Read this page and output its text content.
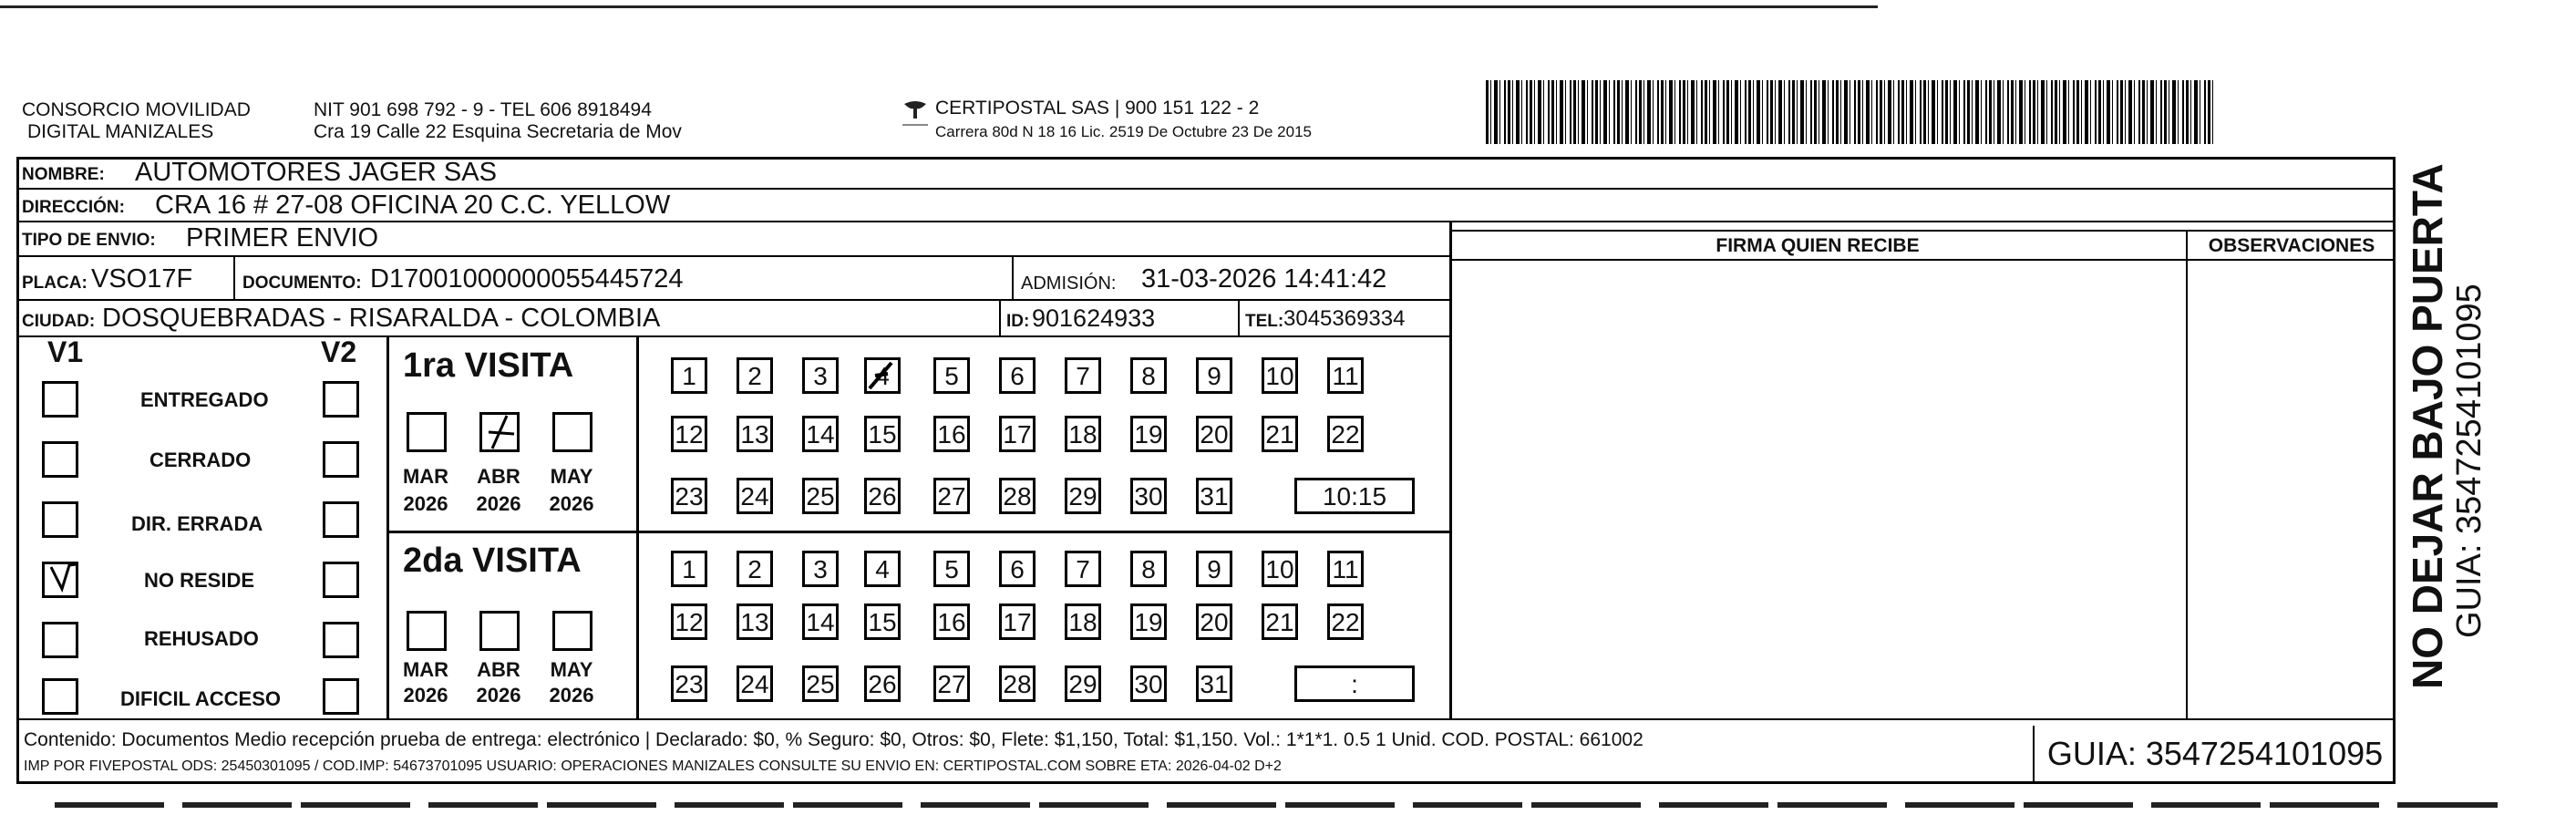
CONSORCIO MOVILIDAD
DIGITAL MANIZALES
NIT 901 698 792 - 9 - TEL 606 8918494
Cra 19 Calle 22 Esquina Secretaria de Mov
CERTIPOSTAL SAS | 900 151 122 - 2
Carrera 80d N 18 16 Lic. 2519 De Octubre 23 De 2015
NOMBRE: AUTOMOTORES JAGER SAS
DIRECCIÓN: CRA 16 # 27-08 OFICINA 20 C.C. YELLOW
TIPO DE ENVIO: PRIMER ENVIO	FIRMA QUIEN RECIBE	OBSERVACIONES
PLACA: VSO17F	DOCUMENTO: D17001000000055445724	ADMISIÓN: 31-03-2026 14:41:42
CIUDAD: DOSQUEBRADAS - RISARALDA - COLOMBIA	ID: 901624933	TEL: 3045369334
V1	V2
ENTREGADO
CERRADO
DIR. ERRADA
NO RESIDE
REHUSADO
DIFICIL ACCESO
1ra VISITA
MAR ABR MAY
2026 2026 2026
2da VISITA
MAR ABR MAY
2026 2026 2026
1	2	3	4	5	6	7	8	9	10 11
12 13 14 15 16 17 18 19 20 21 22
23 24 25 26 27 28 29 30 31
1	2	3	4	5	6	7	8	9	10 11
12 13 14 15 16 17 18 19 20 21 22
23 24 25 26 27 28 29 30 31
10:15
:
Contenido: Documentos Medio recepción prueba de entrega: electrónico | Declarado: $0, % Seguro: $0, Otros: $0, Flete: $1,150, Total: $1,150. Vol.: 1*1*1. 0.5 1 Unid. COD. POSTAL: 661002
IMP POR FIVEPOSTAL ODS: 25450301095 / COD.IMP: 54673701095 USUARIO: OPERACIONES MANIZALES CONSULTE SU ENVIO EN: CERTIPOSTAL.COM SOBRE ETA: 2026-04-02 D+2	GUIA: 3547254101095
NO DEJAR BAJO PUERTA GUIA: 3547254101095
